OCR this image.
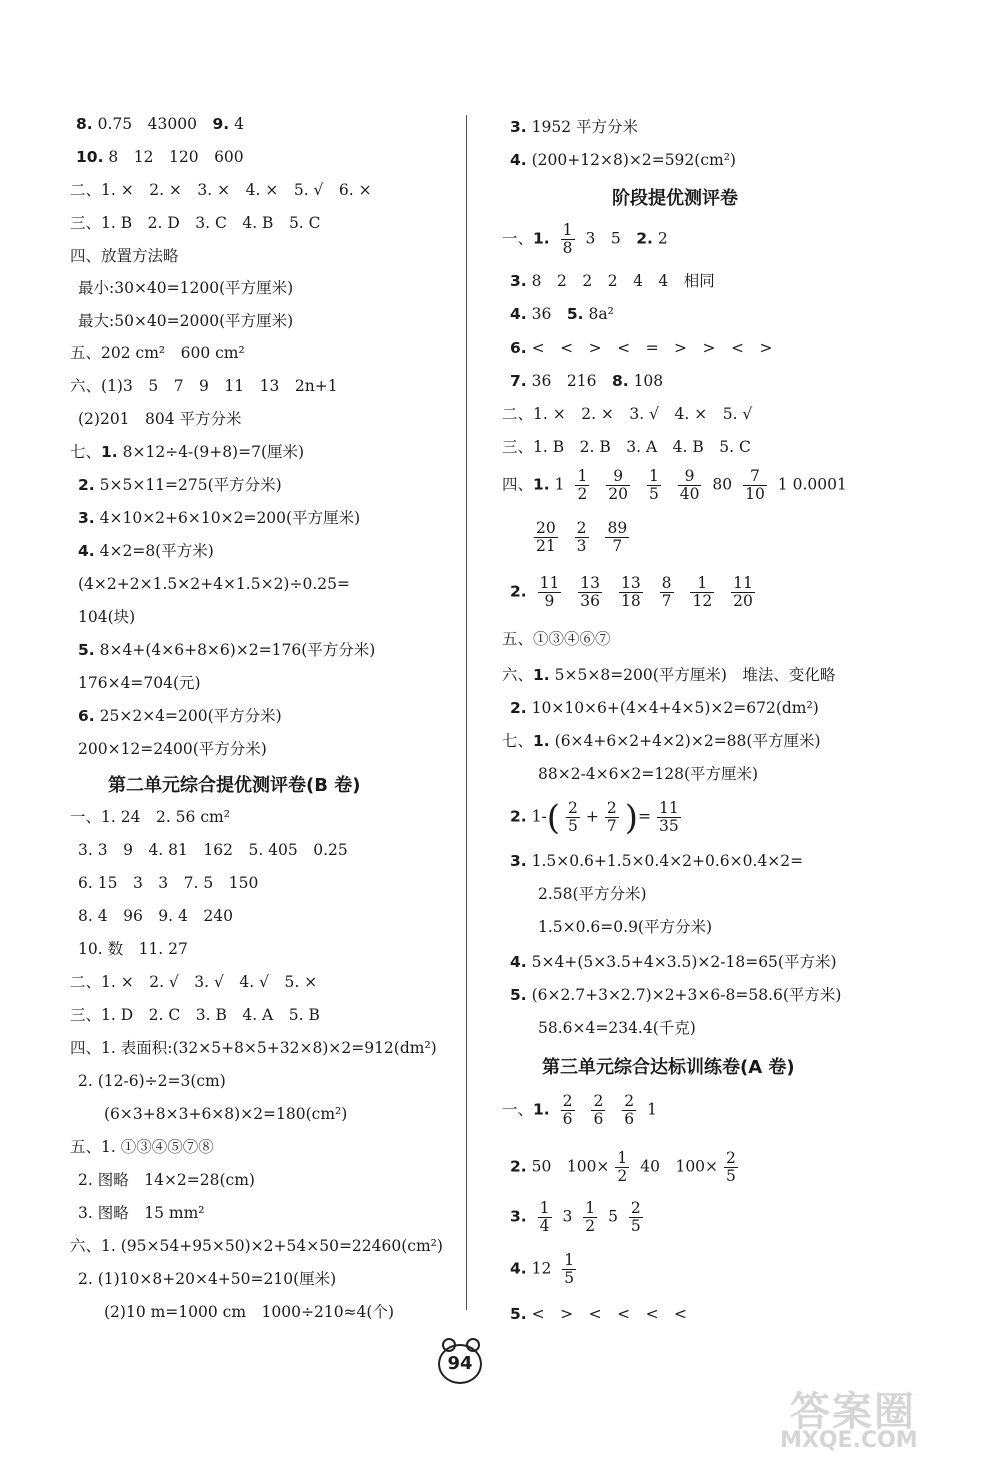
8. 0.75　43000　9. 4
10. 8　12　120　600
二、1. ×　2. ×　3. ×　4. ×　5. √　6. ×
三、1. B　2. D　3. C　4. B　5. C
四、放置方法略
最小:30×40=1200(平方厘米)
最大:50×40=2000(平方厘米)
五、202 cm²　600 cm²
六、(1)3　5　7　9　11　13　2n+1
(2)201　804 平方分米
七、1. 8×12÷4-(9+8)=7(厘米)
2. 5×5×11=275(平方分米)
3. 4×10×2+6×10×2=200(平方厘米)
4. 4×2=8(平方米)
(4×2+2×1.5×2+4×1.5×2)÷0.25=
104(块)
5. 8×4+(4×6+8×6)×2=176(平方分米)
176×4=704(元)
6. 25×2×4=200(平方分米)
200×12=2400(平方分米)
第二单元综合提优测评卷(B 卷)
一、1. 24　2. 56 cm²
3. 3　9　4. 81　162　5. 405　0.25
6. 15　3　3　7. 5　150
8. 4　96　9. 4　240
10. 数　11. 27
二、1. ×　2. √　3. √　4. √　5. ×
三、1. D　2. C　3. B　4. A　5. B
四、1. 表面积:(32×5+8×5+32×8)×2=912(dm²)
2. (12-6)÷2=3(cm)
(6×3+8×3+6×8)×2=180(cm²)
五、1. ①③④⑤⑦⑧
2. 图略　14×2=28(cm)
3. 图略　15 mm²
六、1. (95×54+95×50)×2+54×50=22460(cm²)
2. (1)10×8+20×4+50=210(厘米)
(2)10 m=1000 cm　1000÷210≈4(个)
3. 1952 平方分米
4. (200+12×8)×2=592(cm²)
阶段提优测评卷
一、1. $\frac{1}{8} 3$　5　2. 2
3. 8　2　2　2　4　4　相同
4. 36　5. 8a²
6. <　<　>　<　=　>　>　<　>
7. 36　216　8. 108
二、1. ×　2. ×　3. √　4. ×　5. √
三、1. B　2. B　3. A　4. B　5. C
四、1. $1 \frac{1}{2}$
$\frac{9}{20}$
$\frac{1}{5}$
$\frac{9}{40} 80 \frac{7}{10} 1$ 0.0001
$\frac{20}{21}$
$\frac{2}{3}$
$\frac{89}{7}$
2. $\frac{11}{9}$
$\frac{13}{36}$
$\frac{13}{18}$
$\frac{8}{7}$
$\frac{1}{12}$
$\frac{11}{20}$
五、①③④⑥⑦
六、1. 5×5×8=200(平方厘米)　堆法、变化略
2. 10×10×6+(4×4+4×5)×2=672(dm²)
七、1. (6×4+6×2+4×2)×2=88(平方厘米)
88×2-4×6×2=128(平方厘米)
2. $1-( \frac{2}{5} + \frac{2}{7}$ )= $\frac{11}{35}$
3. 1.5×0.6+1.5×0.4×2+0.6×0.4×2=
2.58(平方分米)
1.5×0.6=0.9(平方分米)
4. 5×4+(5×3.5+4×3.5)×2-18=65(平方米)
5. (6×2.7+3×2.7)×2+3×6-8=58.6(平方米)
58.6×4=234.4(千克)
第三单元综合达标训练卷(A 卷)
一、1. $\frac{2}{6}$
$\frac{2}{6}$
$\frac{2}{6} 1$
2. 50　$100\times \frac{1}{2} 40$　$100\times \frac{2}{5}$
3. $\frac{1}{4} 3 \frac{1}{2} 5 \frac{2}{5}$
4. $12 \frac{1}{5}$
5. <　>　<　<　<　<
94
答案圈
MXQE.COM
